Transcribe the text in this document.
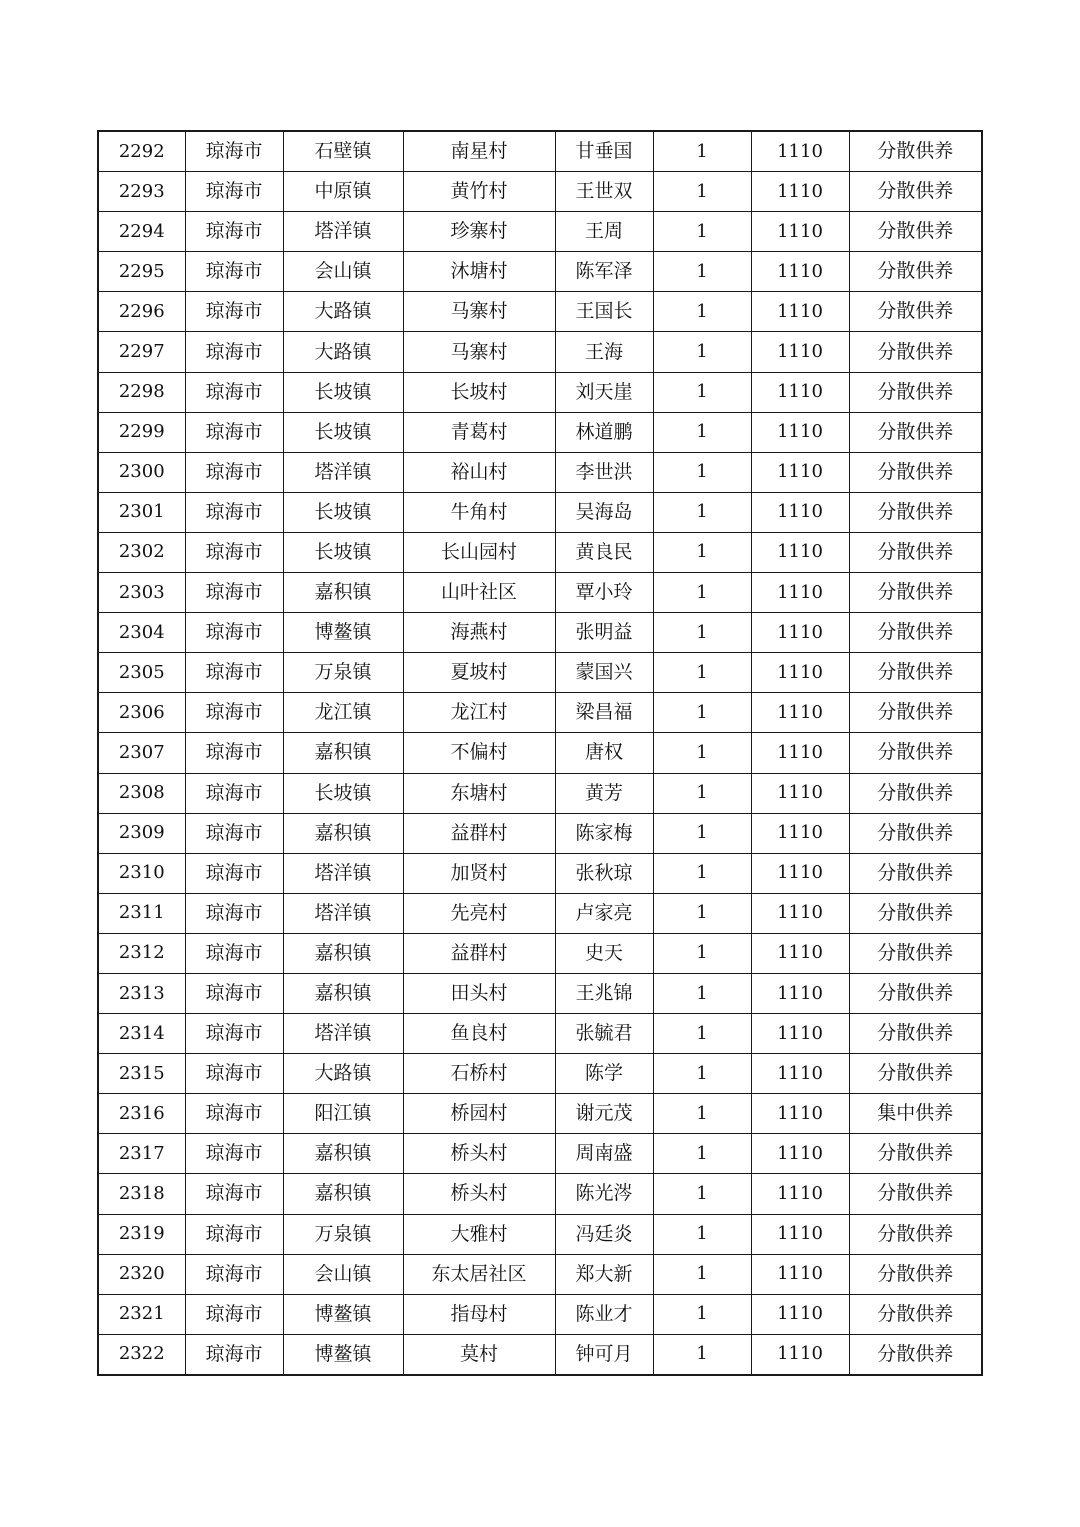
2292	琼海市	石壁镇	南星村	甘垂国	1	1110	分散供养
2293	琼海市	中原镇	黄竹村	王世双	1	1110	分散供养
2294	琼海市	塔洋镇	珍寨村	王周	1	1110	分散供养
2295	琼海市	会山镇	沐塘村	陈军泽	1	1110	分散供养
2296	琼海市	大路镇	马寨村	王国长	1	1110	分散供养
2297	琼海市	大路镇	马寨村	王海	1	1110	分散供养
2298	琼海市	长坡镇	长坡村	刘天崖	1	1110	分散供养
2299	琼海市	长坡镇	青葛村	林道鹏	1	1110	分散供养
2300	琼海市	塔洋镇	裕山村	李世洪	1	1110	分散供养
2301	琼海市	长坡镇	牛角村	吴海岛	1	1110	分散供养
2302	琼海市	长坡镇	长山园村	黄良民	1	1110	分散供养
2303	琼海市	嘉积镇	山叶社区	覃小玲	1	1110	分散供养
2304	琼海市	博鳌镇	海燕村	张明益	1	1110	分散供养
2305	琼海市	万泉镇	夏坡村	蒙国兴	1	1110	分散供养
2306	琼海市	龙江镇	龙江村	梁昌福	1	1110	分散供养
2307	琼海市	嘉积镇	不偏村	唐权	1	1110	分散供养
2308	琼海市	长坡镇	东塘村	黄芳	1	1110	分散供养
2309	琼海市	嘉积镇	益群村	陈家梅	1	1110	分散供养
2310	琼海市	塔洋镇	加贤村	张秋琼	1	1110	分散供养
2311	琼海市	塔洋镇	先亮村	卢家亮	1	1110	分散供养
2312	琼海市	嘉积镇	益群村	史天	1	1110	分散供养
2313	琼海市	嘉积镇	田头村	王兆锦	1	1110	分散供养
2314	琼海市	塔洋镇	鱼良村	张毓君	1	1110	分散供养
2315	琼海市	大路镇	石桥村	陈学	1	1110	分散供养
2316	琼海市	阳江镇	桥园村	谢元茂	1	1110	集中供养
2317	琼海市	嘉积镇	桥头村	周南盛	1	1110	分散供养
2318	琼海市	嘉积镇	桥头村	陈光涔	1	1110	分散供养
2319	琼海市	万泉镇	大雅村	冯廷炎	1	1110	分散供养
2320	琼海市	会山镇	东太居社区	郑大新	1	1110	分散供养
2321	琼海市	博鳌镇	指母村	陈业才	1	1110	分散供养
2322	琼海市	博鳌镇	莫村	钟可月	1	1110	分散供养
